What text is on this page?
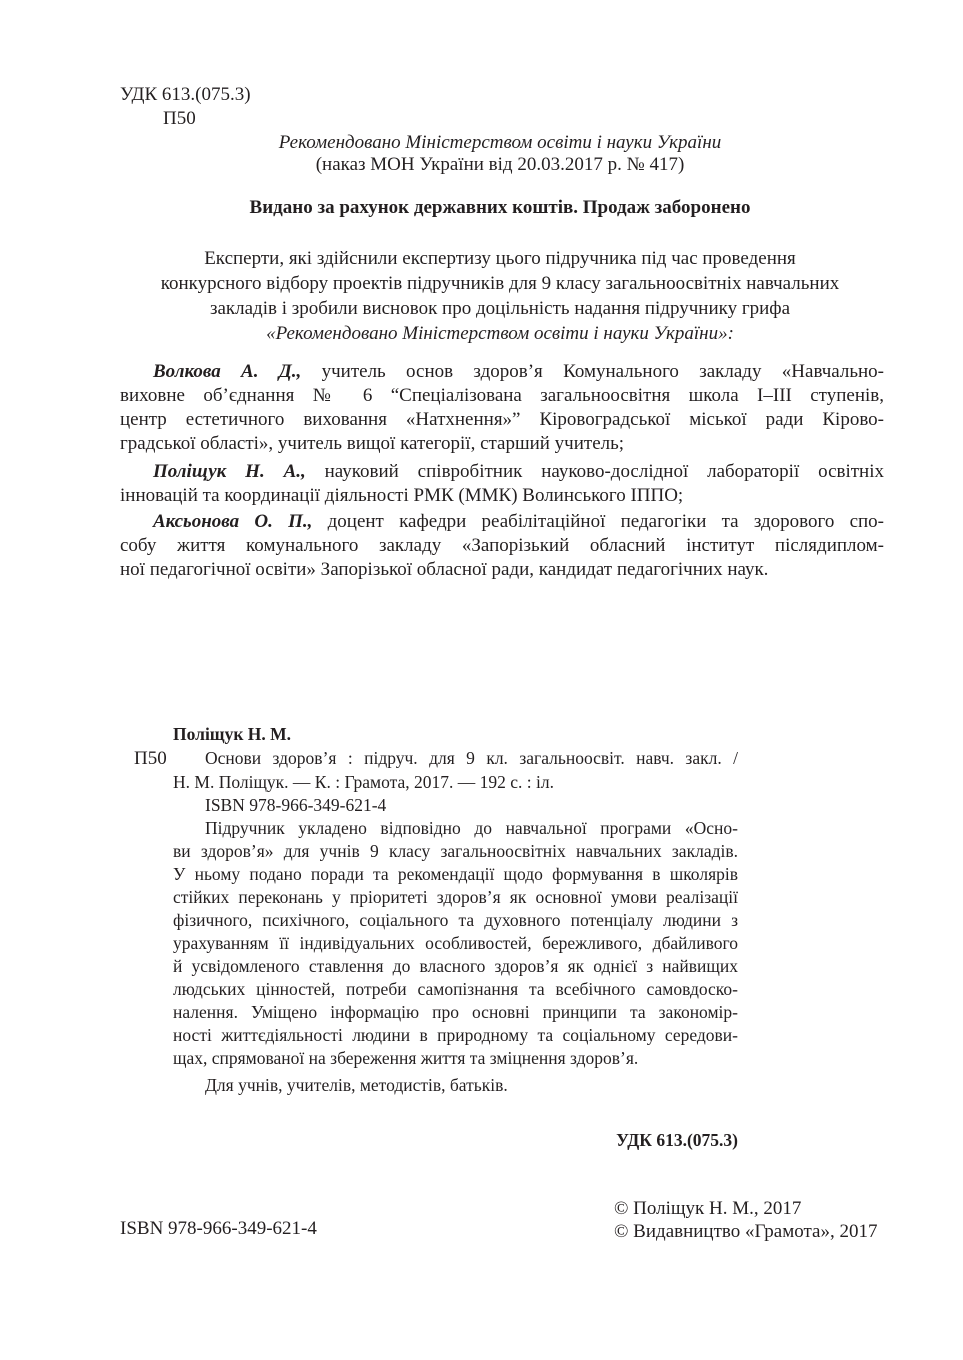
УДК 613.(075.3)
П50
Рекомендовано Міністерством освіти і науки України
(наказ МОН України від 20.03.2017 р. № 417)
Видано за рахунок державних коштів. Продаж заборонено
Експерти, які здійснили експертизу цього підручника під час проведення
конкурсного відбору проектів підручників для 9 класу загальноосвітніх навчальних
закладів і зробили висновок про доцільність надання підручнику грифа
«Рекомендовано Міністерством освіти і науки України»:
Волкова А. Д., учитель основ здоров’я Комунального закладу «Навчально-
виховне об’єднання № 6 “Спеціалізована загальноосвітня школа I–III ступенів,
центр естетичного виховання «Натхнення»” Кіровоградської міської ради Кірово-
градської області», учитель вищої категорії, старший учитель;
Поліщук Н. А., науковий співробітник науково-дослідної лабораторії освітніх
інновацій та координації діяльності РМК (ММК) Волинського ІППО;
Аксьонова О. П., доцент кафедри реабілітаційної педагогіки та здорового спо-
собу життя комунального закладу «Запорізький обласний інститут післядиплом-
ної педагогічної освіти» Запорізької обласної ради, кандидат педагогічних наук.
Поліщук Н. М.
П50 Основи здоров’я : підруч. для 9 кл. загальноосвіт. навч. закл. /
Н. М. Поліщук. — К. : Грамота, 2017. — 192 с. : іл.
ISBN 978-966-349-621-4
Підручник укладено відповідно до навчальної програми «Осно-
ви здоров’я» для учнів 9 класу загальноосвітніх навчальних закладів.
У ньому подано поради та рекомендації щодо формування в школярів
стійких переконань у пріоритеті здоров’я як основної умови реалізації
фізичного, психічного, соціального та духовного потенціалу людини з
урахуванням її індивідуальних особливостей, бережливого, дбайливого
й усвідомленого ставлення до власного здоров’я як однієї з найвищих
людських цінностей, потреби самопізнання та всебічного самовдоско-
налення. Уміщено інформацію про основні принципи та закономір-
ності життєдіяльності людини в природному та соціальному середови-
щах, спрямованої на збереження життя та зміцнення здоров’я.
Для учнів, учителів, методистів, батьків.
УДК 613.(075.3)
ISBN 978-966-349-621-4
© Поліщук Н. М., 2017
© Видавництво «Грамота», 2017
